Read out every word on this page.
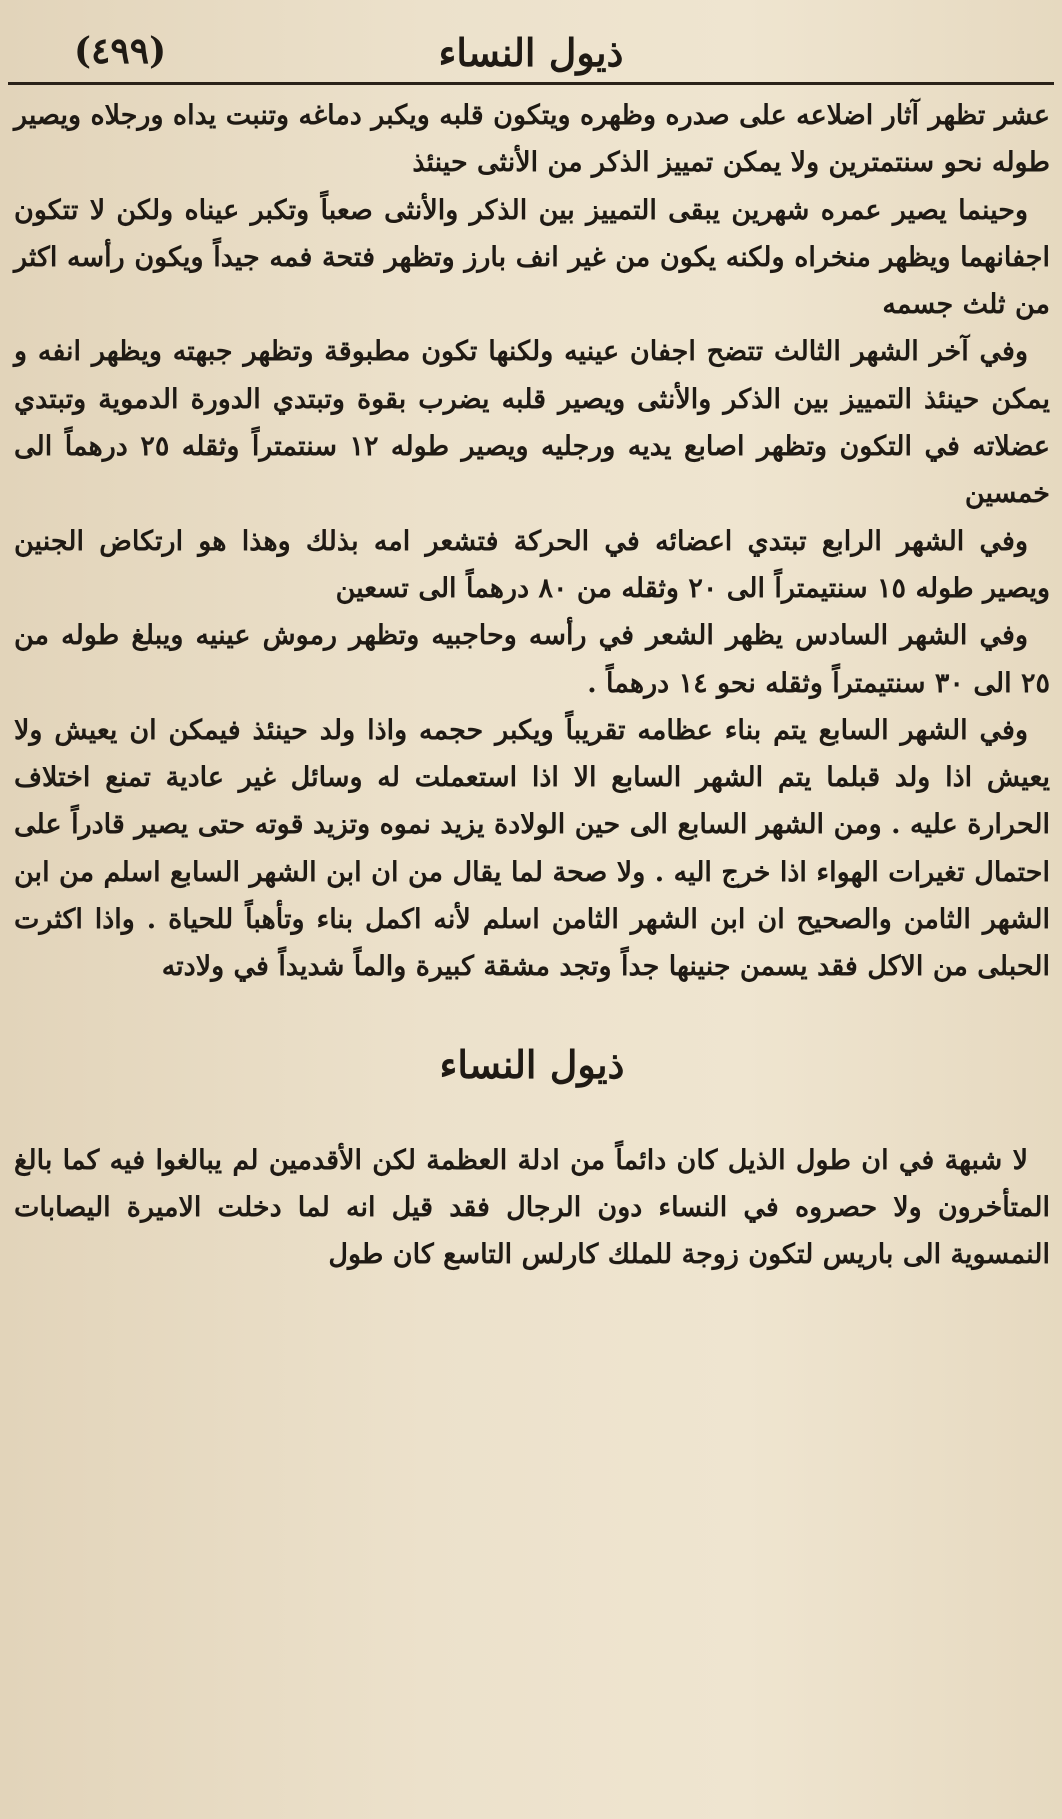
ذيول النساء
(٤٩٩)

عشر تظهر آثار اضلاعه على صدره وظهره ويتكون قلبه ويكبر دماغه وتنبت يداه ورجلاه ويصير طوله نحو سنتمترين ولا يمكن تمييز الذكر من الأنثى حينئذ

وحينما يصير عمره شهرين يبقى التمييز بين الذكر والأنثى صعباً وتكبر عيناه ولكن لا تتكون اجفانهما ويظهر منخراه ولكنه يكون من غير انف بارز وتظهر فتحة فمه جيداً ويكون رأسه اكثر من ثلث جسمه

وفي آخر الشهر الثالث تتضح اجفان عينيه ولكنها تكون مطبوقة وتظهر جبهته ويظهر انفه و يمكن حينئذ التمييز بين الذكر والأنثى ويصير قلبه يضرب بقوة وتبتدي الدورة الدموية وتبتدي عضلاته في التكون وتظهر اصابع يديه ورجليه ويصير طوله ١٢ سنتمتراً وثقله ٢٥ درهماً الى خمسين

وفي الشهر الرابع تبتدي اعضائه في الحركة فتشعر امه بذلك وهذا هو ارتكاض الجنين ويصير طوله ١٥ سنتيمتراً الى ٢٠ وثقله من ٨٠ درهماً الى تسعين

وفي الشهر السادس يظهر الشعر في رأسه وحاجبيه وتظهر رموش عينيه ويبلغ طوله من ٢٥ الى ٣٠ سنتيمتراً وثقله نحو ١٤ درهماً .

وفي الشهر السابع يتم بناء عظامه تقريباً ويكبر حجمه واذا ولد حينئذ فيمكن ان يعيش ولا يعيش اذا ولد قبلما يتم الشهر السابع الا اذا استعملت له وسائل غير عادية تمنع اختلاف الحرارة عليه . ومن الشهر السابع الى حين الولادة يزيد نموه وتزيد قوته حتى يصير قادراً على احتمال تغيرات الهواء اذا خرج اليه . ولا صحة لما يقال من ان ابن الشهر السابع اسلم من ابن الشهر الثامن والصحيح ان ابن الشهر الثامن اسلم لأنه اكمل بناء وتأهباً للحياة . واذا اكثرت الحبلى من الاكل فقد يسمن جنينها جداً وتجد مشقة كبيرة والماً شديداً في ولادته

ذيول النساء

لا شبهة في ان طول الذيل كان دائماً من ادلة العظمة لكن الأقدمين لم يبالغوا فيه كما بالغ المتأخرون ولا حصروه في النساء دون الرجال فقد قيل انه لما دخلت الاميرة اليصابات النمسوية الى باريس لتكون زوجة للملك كارلس التاسع كان طول
